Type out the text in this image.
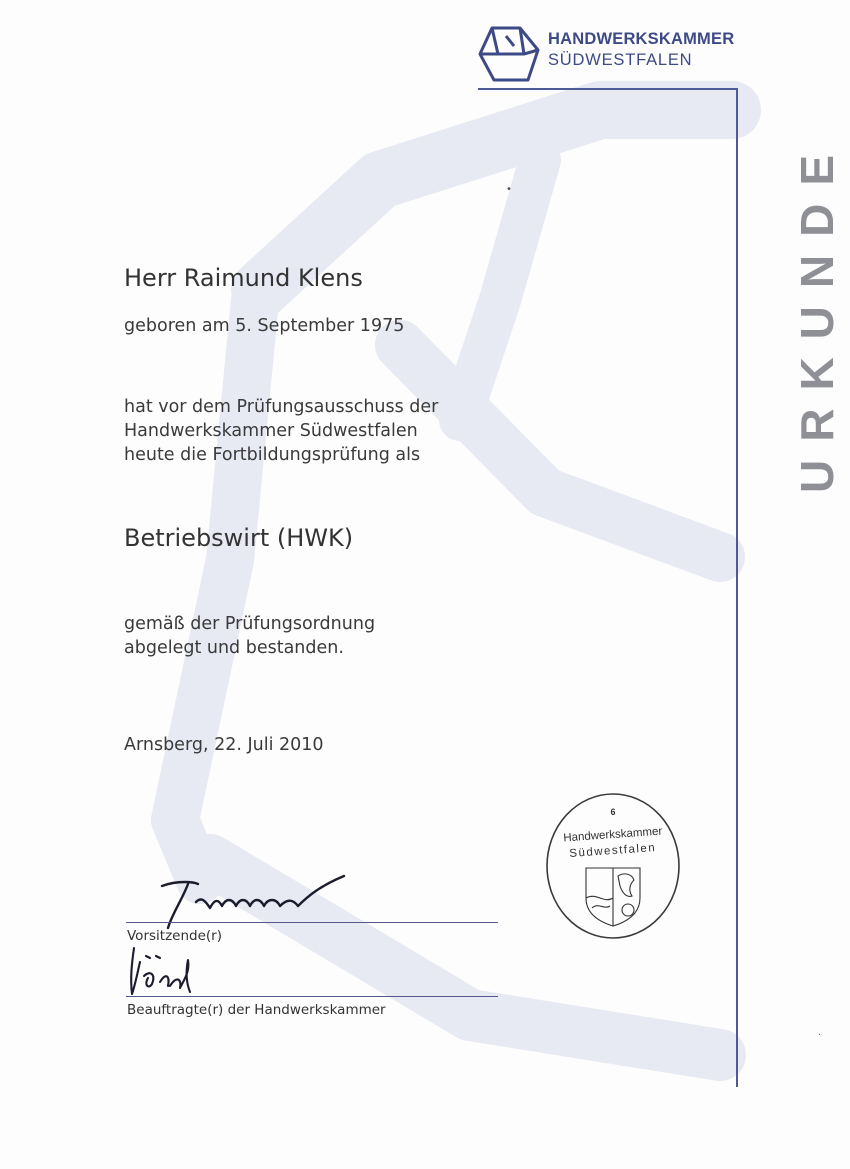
HANDWERKSKAMMER
SÜDWESTFALEN
URKUNDE
Herr Raimund Klens
geboren am 5. September 1975
hat vor dem Prüfungsausschuss der
Handwerkskammer Südwestfalen
heute die Fortbildungsprüfung als
Betriebswirt (HWK)
gemäß der Prüfungsordnung
abgelegt und bestanden.
Arnsberg, 22. Juli 2010
Vorsitzende(r)
Beauftragte(r) der Handwerkskammer
6
Handwerkskammer
Südwestfalen
•
·
